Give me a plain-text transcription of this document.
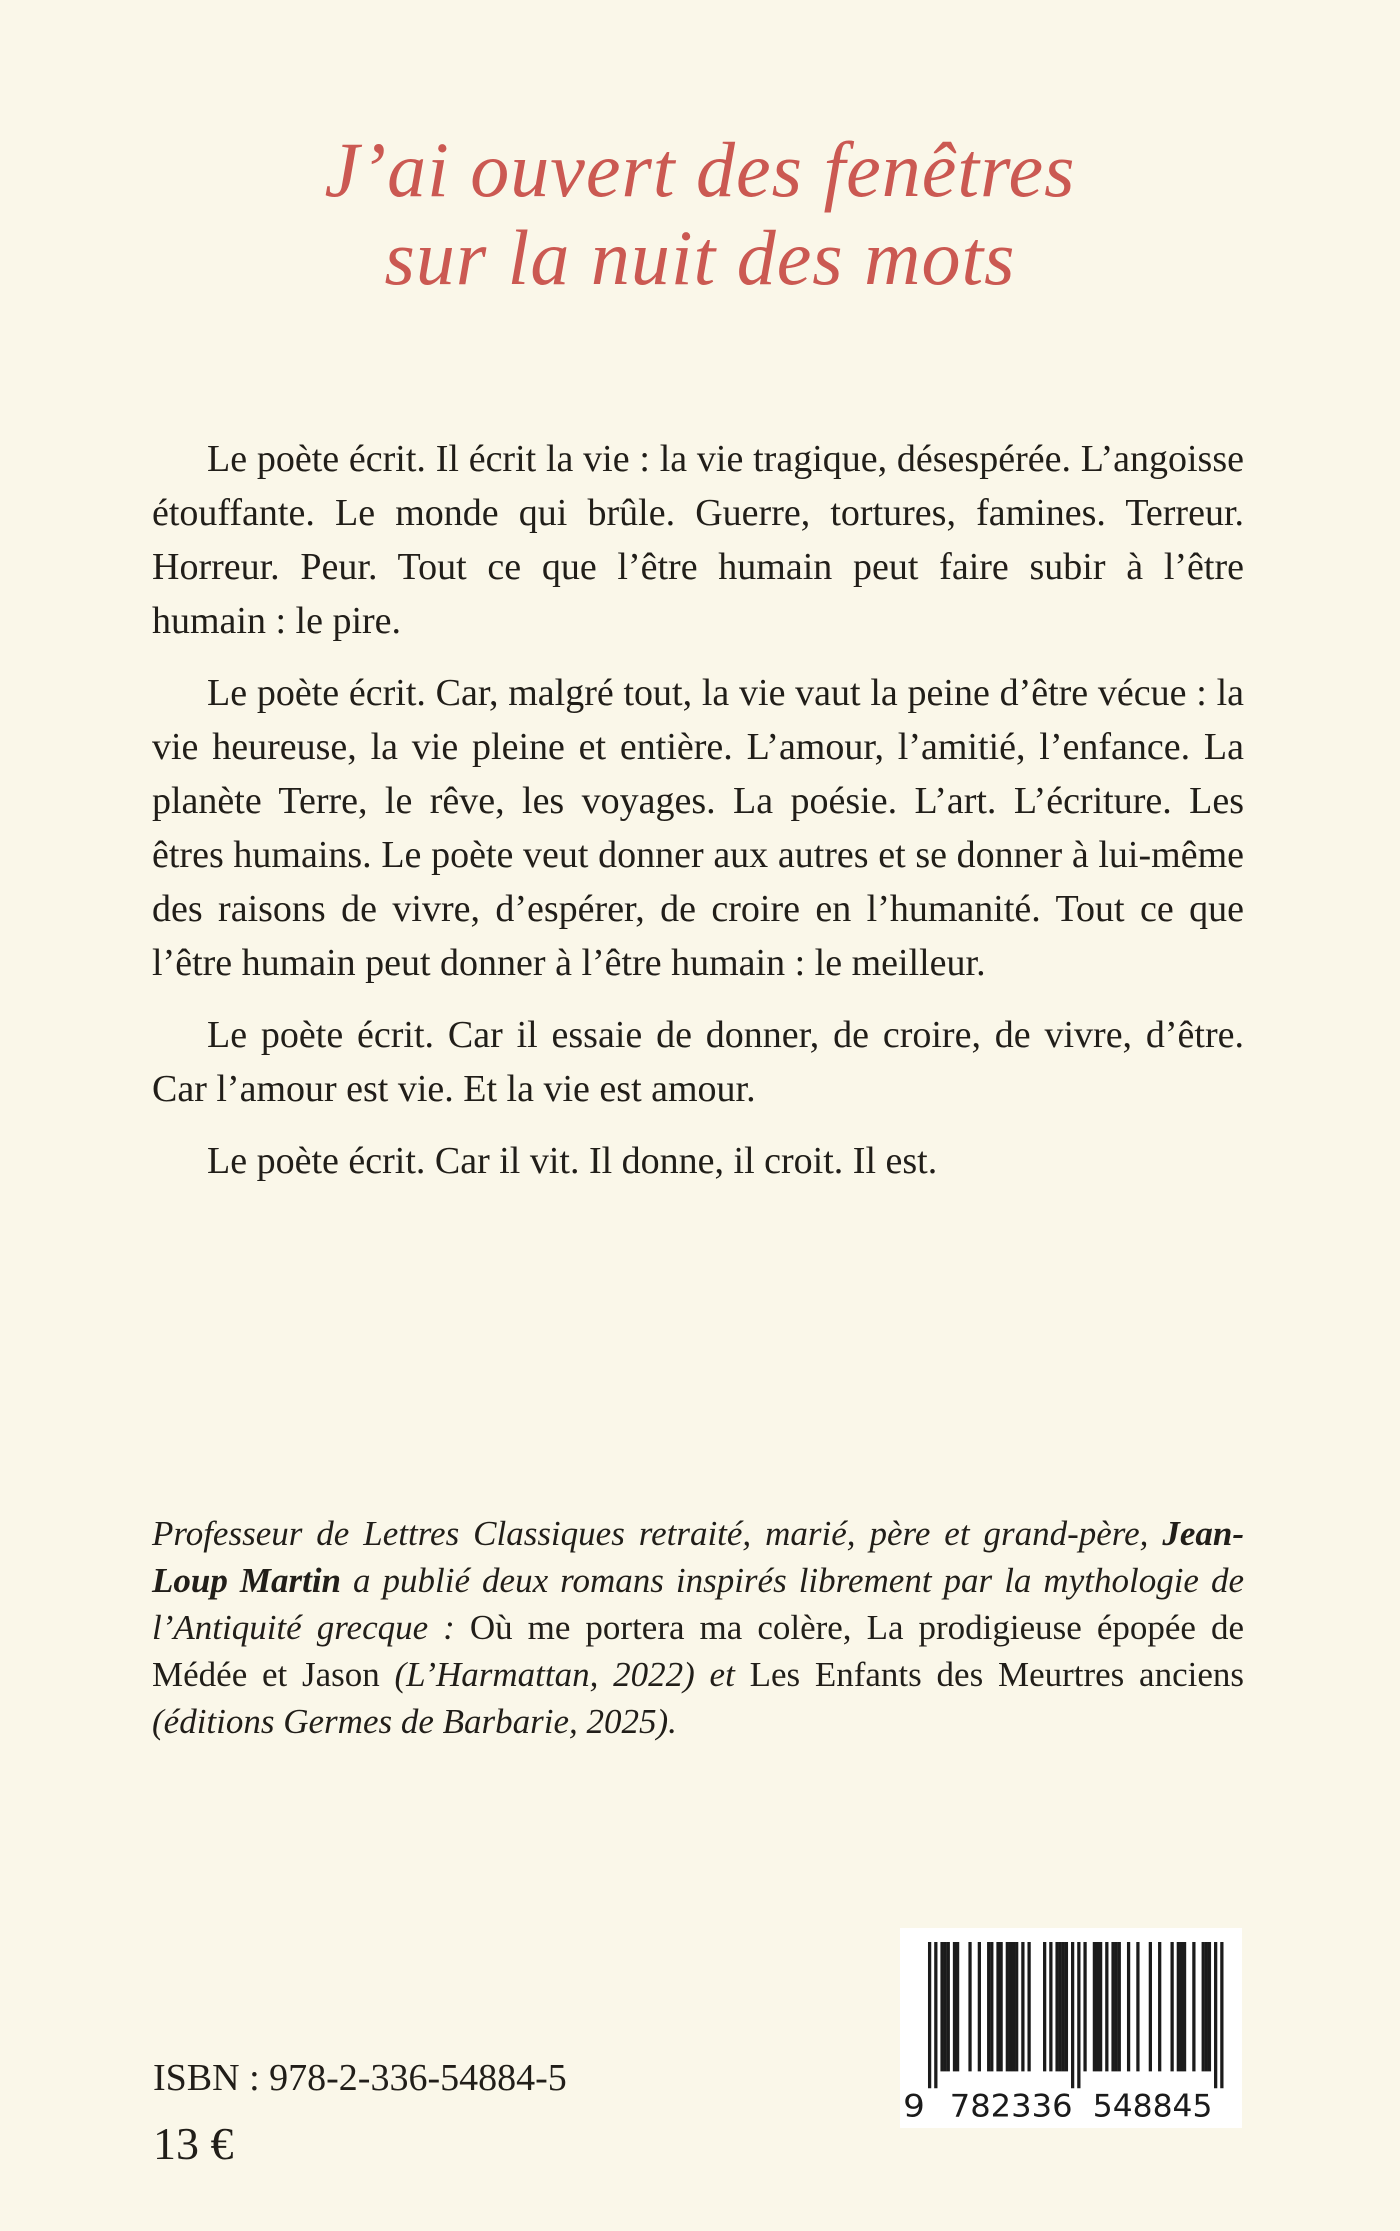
J’ai ouvert des fenêtres
sur la nuit des mots

Le poète écrit. Il écrit la vie : la vie tragique, désespérée. L’angoisse étouffante. Le monde qui brûle. Guerre, tortures, famines. Terreur. Horreur. Peur. Tout ce que l’être humain peut faire subir à l’être humain : le pire.

Le poète écrit. Car, malgré tout, la vie vaut la peine d’être vécue : la vie heureuse, la vie pleine et entière. L’amour, l’amitié, l’enfance. La planète Terre, le rêve, les voyages. La poésie. L’art. L’écriture. Les êtres humains. Le poète veut donner aux autres et se donner à lui-même des raisons de vivre, d’espérer, de croire en l’humanité. Tout ce que l’être humain peut donner à l’être humain : le meilleur.

Le poète écrit. Car il essaie de donner, de croire, de vivre, d’être. Car l’amour est vie. Et la vie est amour.

Le poète écrit. Car il vit. Il donne, il croit. Il est.

Professeur de Lettres Classiques retraité, marié, père et grand-père, Jean-Loup Martin a publié deux romans inspirés librement par la mythologie de l’Antiquité grecque : Où me portera ma colère, La prodigieuse épopée de Médée et Jason (L’Harmattan, 2022) et Les Enfants des Meurtres anciens (éditions Germes de Barbarie, 2025).

ISBN : 978-2-336-54884-5
13 €
9 782336 548845
